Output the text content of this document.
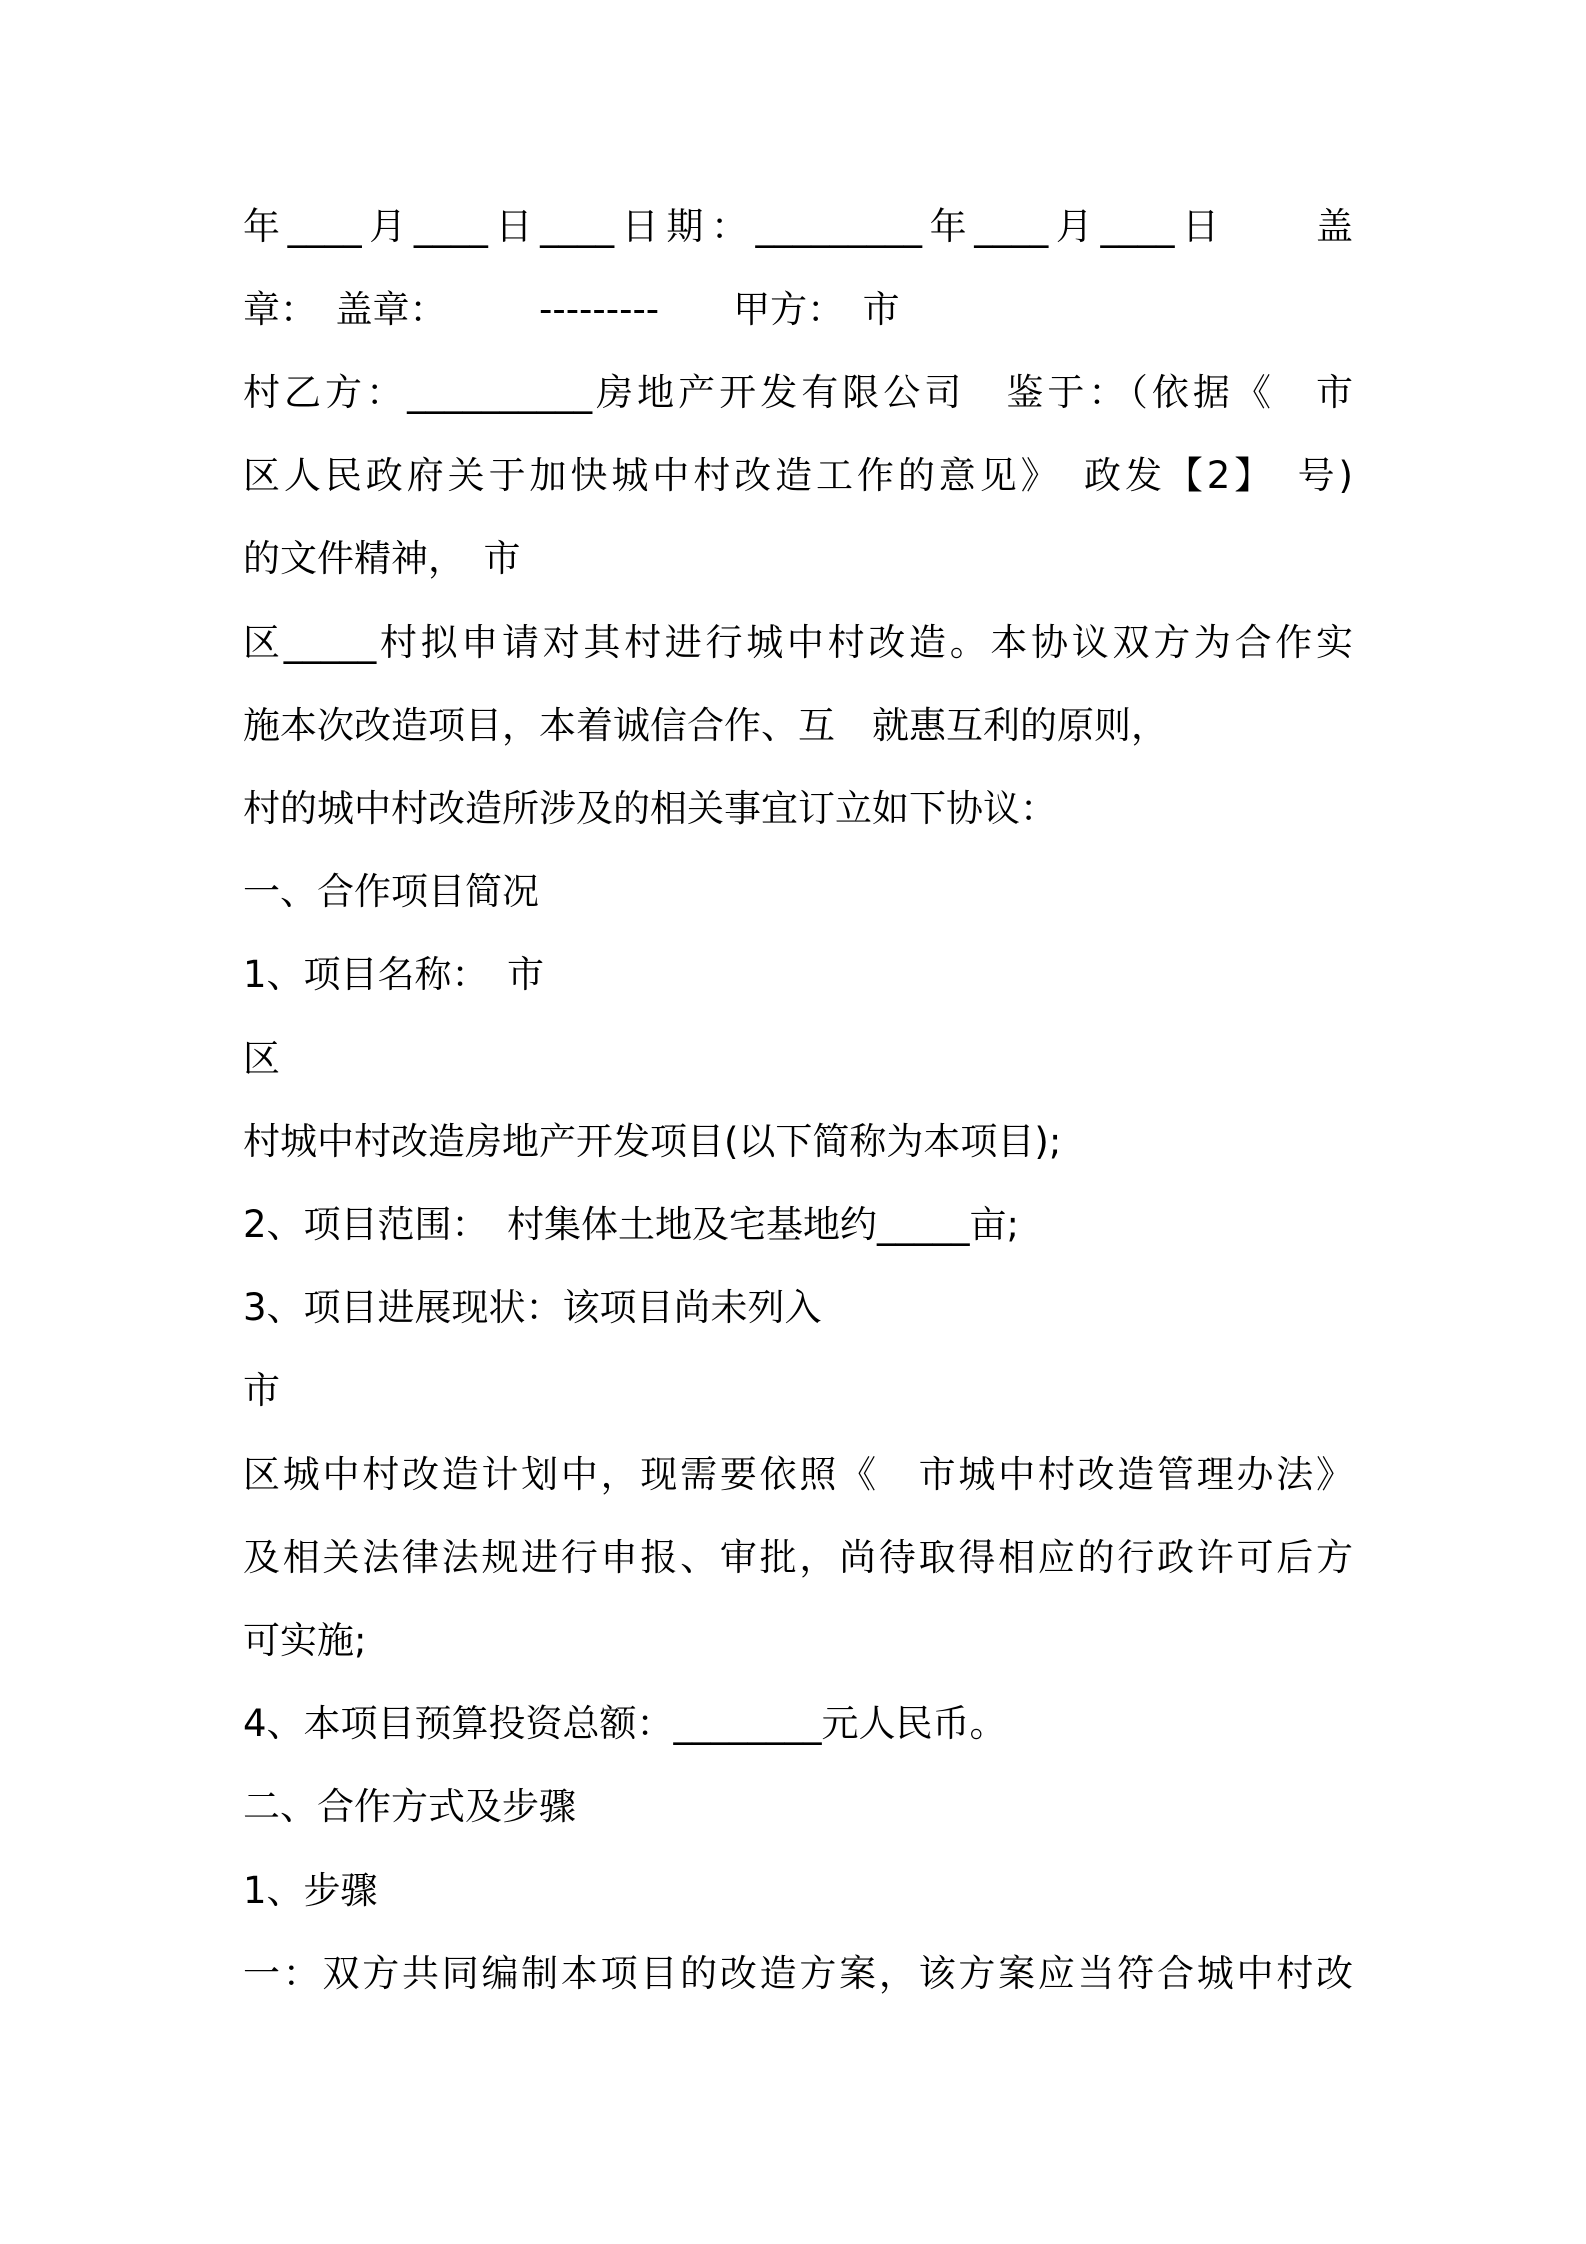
年____月____日____日期：_________年____月____日　　盖
章：　盖章：　　　---------　　甲方：　市
村乙方：__________房地产开发有限公司　鉴于：（依据《　市
区人民政府关于加快城中村改造工作的意见》　政发【2】　号)
的文件精神，　市
区_____村拟申请对其村进行城中村改造。本协议双方为合作实
施本次改造项目，本着诚信合作、互　就惠互利的原则，
村的城中村改造所涉及的相关事宜订立如下协议：
一、合作项目简况
1、项目名称：　市
区
村城中村改造房地产开发项目(以下简称为本项目);
2、项目范围：　村集体土地及宅基地约_____亩;
3、项目进展现状：该项目尚未列入
市
区城中村改造计划中，现需要依照《　市城中村改造管理办法》
及相关法律法规进行申报、审批，尚待取得相应的行政许可后方
可实施;
4、本项目预算投资总额：________元人民币。
二、合作方式及步骤
1、步骤
一：双方共同编制本项目的改造方案，该方案应当符合城中村改
